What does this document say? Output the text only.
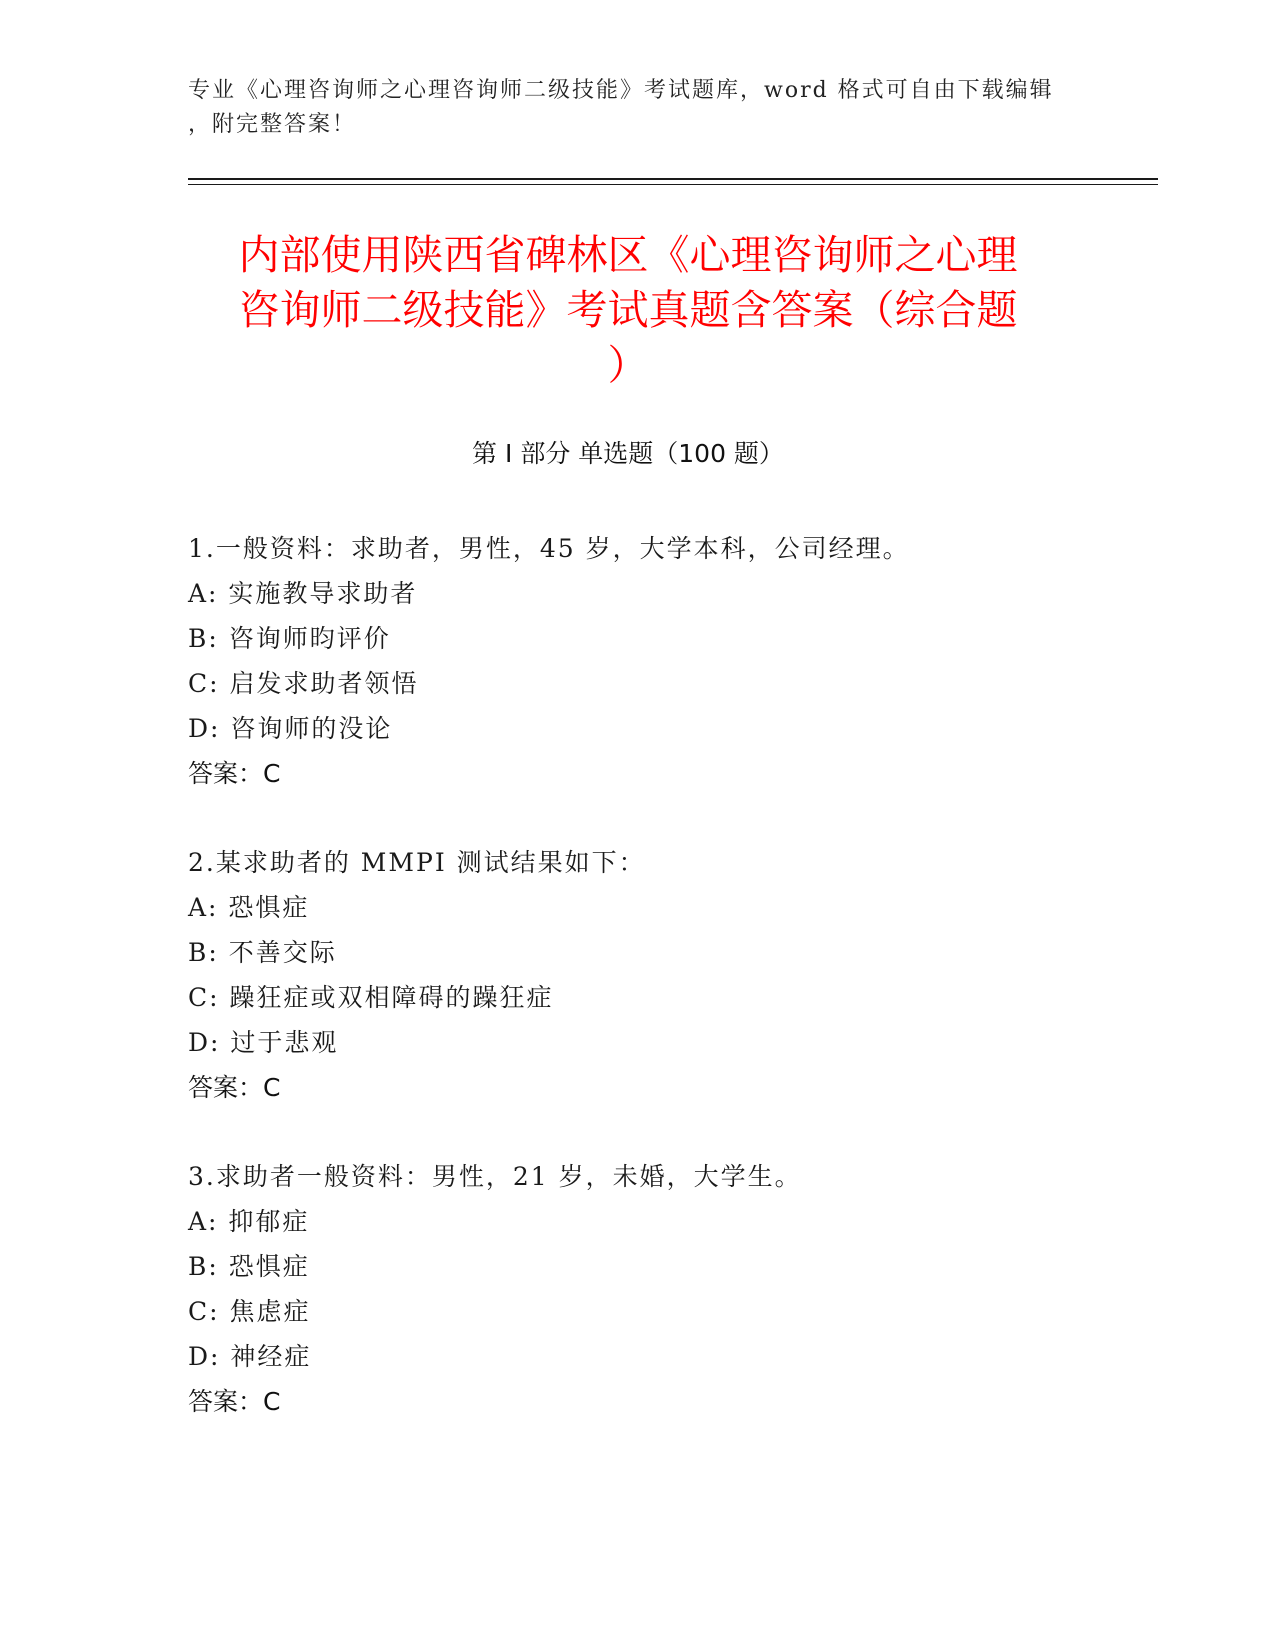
专业《心理咨询师之心理咨询师二级技能》考试题库，word 格式可自由下载编辑
，附完整答案！
内部使用陕西省碑林区《心理咨询师之心理
咨询师二级技能》考试真题含答案（综合题
）
第 I 部分 单选题（100 题）
1.一般资料：求助者，男性，45 岁，大学本科，公司经理。
A: 实施教导求助者
B: 咨询师昀评价
C: 启发求助者领悟
D: 咨询师的没论
答案：C
2.某求助者的 MMPI 测试结果如下：
A: 恐惧症
B: 不善交际
C: 躁狂症或双相障碍的躁狂症
D: 过于悲观
答案：C
3.求助者一般资料：男性，21 岁，未婚，大学生。
A: 抑郁症
B: 恐惧症
C: 焦虑症
D: 神经症
答案：C
